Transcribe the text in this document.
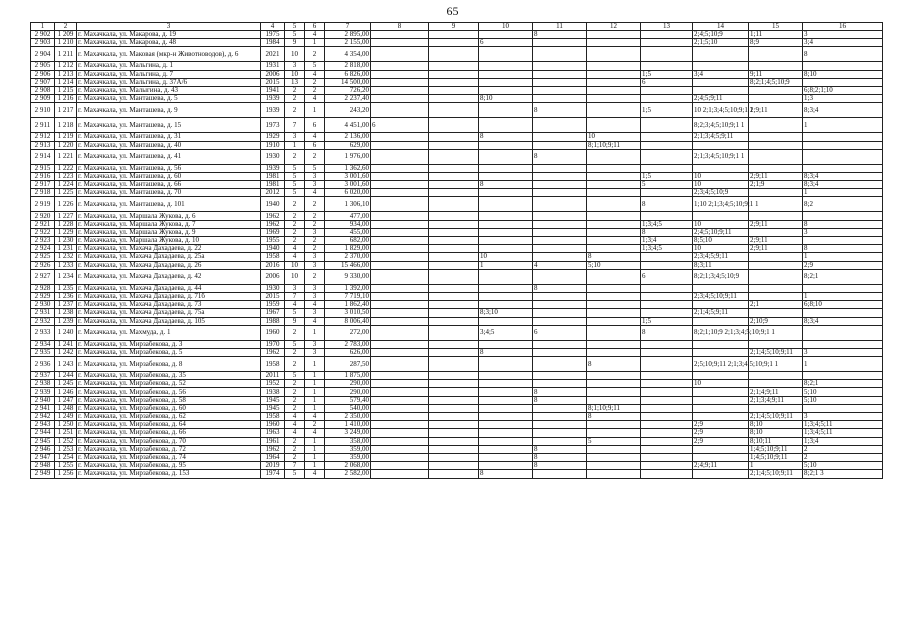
65
1	2	3	4	5	6	7	8	9	10	11	12	13	14	15	16
2 902	1 209	г. Махачкала, ул. Макарова, д. 19	1975	5	4	2 895,00				8			2;4;5;10;9	1;11	3
2 903	1 210	г. Махачкала, ул. Макарова, д. 48	1984	9	1	2 155,00			6				2;1;5;10	8;9	3;4
2 904	1 211	г. Махачкала, ул. Маковая (мкр-н Животноводов), д. 6	2021	10	2	4 354,00									8
2 905	1 212	г. Махачкала, ул. Мальгина, д. 1	1931	3	5	2 818,00									
2 906	1 213	г. Махачкала, ул. Мальгина, д. 7	2006	10	4	6 826,00						1;5	3;4	9;11	8;10
2 907	1 214	г. Махачкала, ул. Мальгина, д. 37А/6	2015	13	2	14 500,00						6		8;2;1;4;5;10;9	
2 908	1 215	г. Махачкала, ул. Малыгина, д. 43	1941	2	2	726,20									6;8;2;1;10
2 909	1 216	г. Махачкала, ул. Манташева, д. 5	1939	2	4	2 237,40			8;10				2;4;5;9;11		1;3
2 910	1 217	г. Махачкала, ул. Манташева, д. 9	1939	2	1	243,20				8		1;5	10 2;1;3;4;5;10;9;1 1	2;9;11	8;3;4
2 911	1 218	г. Махачкала, ул. Манташева, д. 15	1973	7	6	4 451,00	6						8;2;3;4;5;10;9;1 1		1
2 912	1 219	г. Махачкала, ул. Манташева, д. 31	1929	3	4	2 136,00			8		10		2;1;3;4;5;9;11		
2 913	1 220	г. Махачкала, ул. Манташева, д. 40	1910	1	6	629,00					8;1;10;9;11				
2 914	1 221	г. Махачкала, ул. Манташева, д. 41	1930	2	2	1 976,00				8			2;1;3;4;5;10;9;1 1		
2 915	1 222	г. Махачкала, ул. Манташева, д. 56	1939	5	5	1 362,60									
2 916	1 223	г. Махачкала, ул. Манташева, д. 60	1981	5	3	3 001,60						1;5	10	2;9;11	8;3;4
2 917	1 224	г. Махачкала, ул. Манташева, д. 66	1981	5	3	3 001,60			8			5	10	2;1;9	8;3;4
2 918	1 225	г. Махачкала, ул. Манташева, д. 70	2012	5	4	6 020,00							2;3;4;5;10;9		1
2 919	1 226	г. Махачкала, ул. Манташева, д. 101	1940	2	2	1 306,10						8	1;10 2;1;3;4;5;10;9;1 1		8;2
2 920	1 227	г. Махачкала, ул. Маршала Жукова, д. 6	1962	2	2	477,00									
2 921	1 228	г. Махачкала, ул. Маршала Жукова, д. 7	1962	2	2	934,00						1;3;4;5	10	2;9;11	8
2 922	1 229	г. Махачкала, ул. Маршала Жукова, д. 9	1969	2	3	455,00						8	2;4;5;10;9;11		3
2 923	1 230	г. Махачкала, ул. Маршала Жукова, д. 10	1955	2	2	682,00						1;3;4	8;5;10	2;9;11	
2 924	1 231	г. Махачкала, ул. Махача Дахадаева, д. 22	1940	4	2	1 829,00						1;3;4;5	10	2;9;11	8
2 925	1 232	г. Махачкала, ул. Махача Дахадаева, д. 25а	1958	4	3	2 370,00			10		8		2;3;4;5;9;11		1
2 926	1 233	г. Махачкала, ул. Махача Дахадаева, д. 26	2016	10	3	15 466,00			1	4	5;10		8;3;11		2;9
2 927	1 234	г. Махачкала, ул. Махача Дахадаева, д. 42	2006	10	2	9 330,00						6	8;2;1;3;4;5;10;9		8;2;1
2 928	1 235	г. Махачкала, ул. Махача Дахадаева, д. 44	1930	3	3	1 392,00				8					
2 929	1 236	г. Махачкала, ул. Махача Дахадаева, д. 71б	2015	7	3	7 719,10							2;3;4;5;10;9;11		1
2 930	1 237	г. Махачкала, ул. Махача Дахадаева, д. 73	1959	4	4	1 862,40								2;1	6;8;10
2 931	1 238	г. Махачкала, ул. Махача Дахадаева, д. 75а	1967	5	3	3 010,50			8;3;10				2;1;4;5;9;11		
2 932	1 239	г. Махачкала, ул. Махача Дахадаева, д. 105	1988	9	4	8 006,40						1;5		2;10;9	8;3;4
2 933	1 240	г. Махачкала, ул. Махмуда, д. 1	1960	2	1	272,00			3;4;5	6		8	8;2;1;10;9 2;1;3;4;5;10;9;1 1		
2 934	1 241	г. Махачкала, ул. Мирзабекова, д. 3	1970	5	3	2 783,00									
2 935	1 242	г. Махачкала, ул. Мирзабекова, д. 5	1962	2	3	626,00			8					2;1;4;5;10;9;11	3
2 936	1 243	г. Махачкала, ул. Мирзабекова, д. 8	1958	2	1	287,50					8		2;5;10;9;11 2;1;3;4;5;10;9;1 1		1
2 937	1 244	г. Махачкала, ул. Мирзабекова, д. 35	2011	5	1	1 875,00									
2 938	1 245	г. Махачкала, ул. Мирзабекова, д. 52	1952	2	1	290,00							10		8;2;1
2 939	1 246	г. Махачкала, ул. Мирзабекова, д. 56	1938	2	1	290,00				8				2;1;4;9;11	5;10
2 940	1 247	г. Махачкала, ул. Мирзабекова, д. 58	1945	2	1	579,40				8				2;1;3;4;9;11	5;10
2 941	1 248	г. Махачкала, ул. Мирзабекова, д. 60	1945	2	1	540,00					8;1;10;9;11				
2 942	1 249	г. Махачкала, ул. Мирзабекова, д. 62	1958	4	4	2 350,00					8			2;1;4;5;10;9;11	3
2 943	1 250	г. Махачкала, ул. Мирзабекова, д. 64	1960	4	2	1 410,00							2;9	8;10	1;3;4;5;11
2 944	1 251	г. Махачкала, ул. Мирзабекова, д. 66	1963	4	4	3 249,00							2;9	8;10	1;3;4;5;11
2 945	1 252	г. Махачкала, ул. Мирзабекова, д. 70	1961	2	1	358,00					5		2;9	8;10;11	1;3;4
2 946	1 253	г. Махачкала, ул. Мирзабекова, д. 72	1962	2	1	359,00				8				1;4;5;10;9;11	2
2 947	1 254	г. Махачкала, ул. Мирзабекова, д. 74	1964	2	1	359,00				8				1;4;5;10;9;11	2
2 948	1 255	г. Махачкала, ул. Мирзабекова, д. 95	2019	7	1	2 068,00				8			2;4;9;11	1	5;10
2 949	1 256	г. Махачкала, ул. Мирзабекова, д. 153	1974	5	4	2 582,00			8					2;1;4;5;10;9;11	8;2;1 3
